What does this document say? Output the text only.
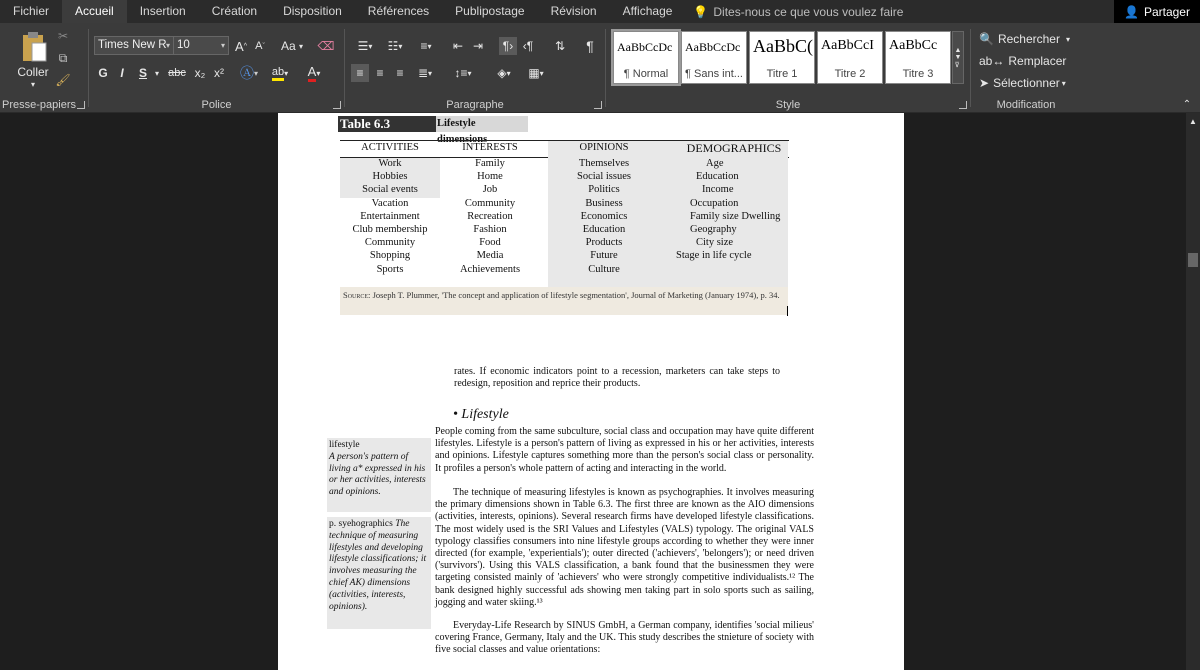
Fichier	Accueil	Insertion	Création	Disposition	Références	Publipostage	Révision	Affichage	💡 Dites-nous ce que vous voulez faire	👤 Partager
Coller
▾
✂
⧉
🖌
Presse-papiers
Times New R ▾ 10	▾ A ^ A ˇ Aa
▾ ⌫
G	I	S ▾ abc x₂ x² Ⓐ ▾ ab ▾ A ▾
Police
☰ ▾	☷ ▾	≡ ▾	⇤ ⇥	¶› ‹¶	⇅	¶
≡	≡	≡	≣ ▾	↕≡ ▾	◈ ▾	▦ ▾
Paragraphe
AaBbCcDc
¶ Normal
AaBbCcDc
¶ Sans int...
AaBbC(
Titre 1
AaBbCcI
Titre 2
AaBbCc
Titre 3
▲
▼
⊽
Style
🔍 Rechercher ▾
ab↔ Remplacer
➤ Sélectionner ▾
Modification	⌃
▲
Table 6.3	Lifestyle
ACTIVITIES	INTERESTS	OPINIONS	DEMOGRAPHICS
Work
Hobbies
Social events
Vacation
Entertainment
Club membership
Community
Shopping
Sports
Family
Home
Job
Community
Recreation
Fashion
Food
Media
Achievements
Themselves
Social issues
Politics
Business
Economics
Education
Products
Future
Culture
Age
Education
Income
Occupation
Family size Dwelling
Geography
City size
Stage in life cycle
Source: Joseph T. Plummer, 'The concept and application of lifestyle segmentation', Journal of Marketing (January 1974), p. 34.
rates. If economic indicators point to a recession, marketers can take steps to redesign, reposition and reprice their products.
• Lifestyle
People coming from the same subculture, social class and occupation may have quite different lifestyles. Lifestyle is a person's pattern of living as expressed in his or her activities, interests and opinions. Lifestyle captures something more than the person's social class or personality. It profiles a person's whole pattern of acting and interacting in the world.
The technique of measuring lifestyles is known as psychographies. It involves measuring the primary dimensions shown in Table 6.3. The first three are known as the AIO dimensions (activities, interests, opinions). Several research firms have developed lifestyle classifications. The most widely used is the SRI Values and Lifestyles (VALS) typology. The original VALS typology classifies consumers into nine lifestyle groups according to whether they were inner directed (for example, 'experientials'); outer directed ('achievers', 'belongers'); or need driven ('survivors'). Using this VALS classification, a bank found that the businessmen they were targeting consisted mainly of 'achievers' who were strongly competitive individualists.¹² The bank designed highly successful ads showing men taking part in solo sports such as sailing, jogging and water skiing.¹³
Everyday-Life Research by SINUS GmbH, a German company, identifies 'social milieus' covering France, Germany, Italy and the UK. This study describes the stnieture of society with five social classes and value orientations:
lifestyle
A person's pattern of living a* expressed in his or her activities, interests and opinions.
p. syehographics The technique of measuring lifestyles and developing lifestyle classifications; it involves measuring the chief AK) dimensions (activities, interests, opinions).
